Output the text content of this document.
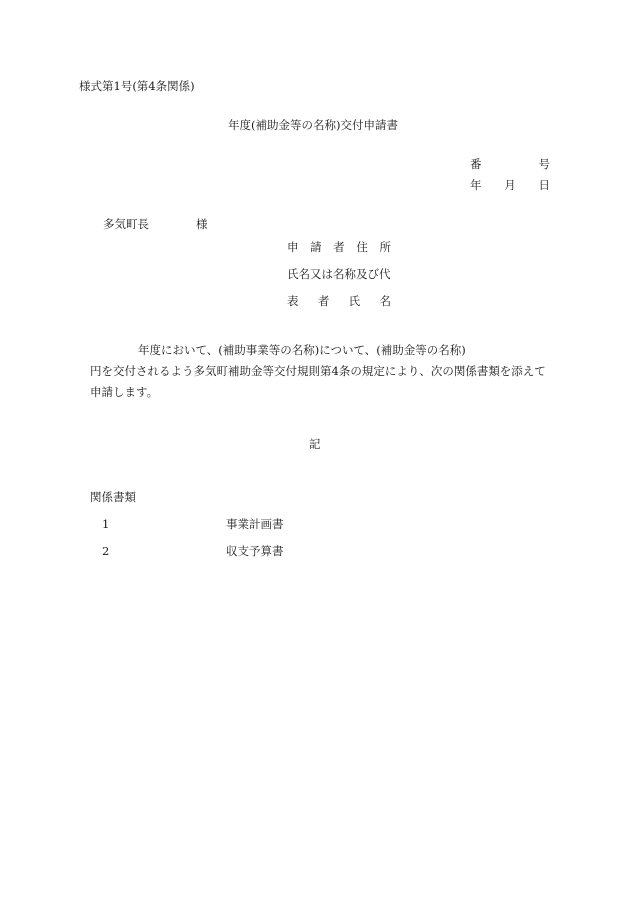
様式第1号(第4条関係)
年度(補助金等の名称)交付申請書
番	号
年 月 日
多気町長	様
申 請 者 住 所
氏名又は名称及び代
表 者 氏 名
年度において、(補助事業等の名称)について、(補助金等の名称)
円を交付されるよう多気町補助金等交付規則第4条の規定により、次の関係書類を添えて
申請します。
記
関係書類
1	事業計画書
2	収支予算書
